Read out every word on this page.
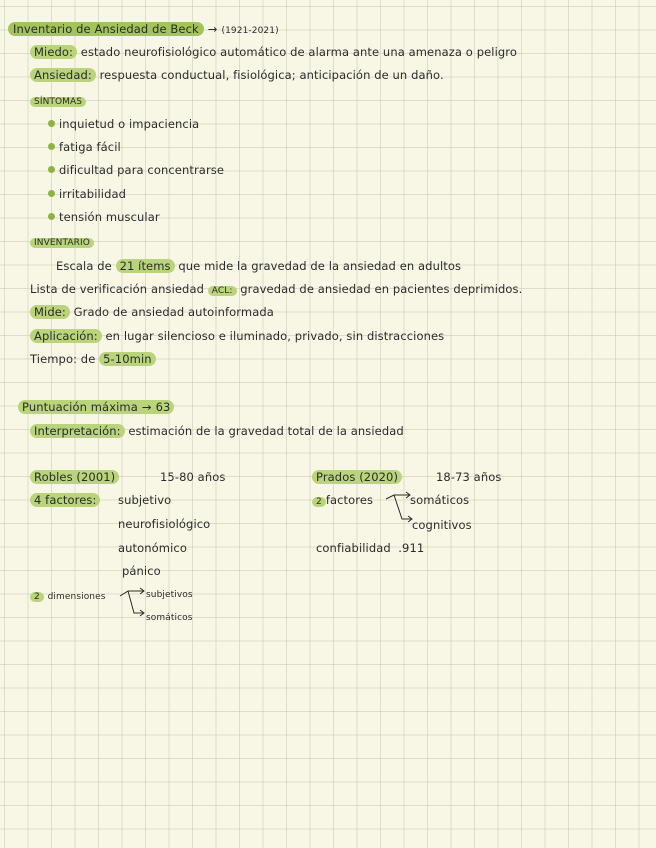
Inventario de Ansiedad de Beck → (1921-2021)
Miedo: estado neurofisiológico automático de alarma ante una amenaza o peligro
Ansiedad: respuesta conductual, fisiológica; anticipación de un daño.
SÍNTOMAS
inquietud o impaciencia
fatiga fácil
dificultad para concentrarse
irritabilidad
tensión muscular
INVENTARIO
Escala de 21 ítems que mide la gravedad de la ansiedad en adultos
Lista de verificación ansiedad ACL: gravedad de ansiedad en pacientes deprimidos.
Mide: Grado de ansiedad autoinformada
Aplicación: en lugar silencioso e iluminado, privado, sin distracciones
Tiempo: de 5-10min
Puntuación máxima → 63
Interpretación: estimación de la gravedad total de la ansiedad
Robles (2001)	15-80 años
4 factores:	subjetivo
neurofisiológico
autonómico
pánico
2 dimensiones	subjetivos
somáticos
Prados (2020)	18-73 años
2 factores	somáticos
cognitivos
confiabilidad .911
